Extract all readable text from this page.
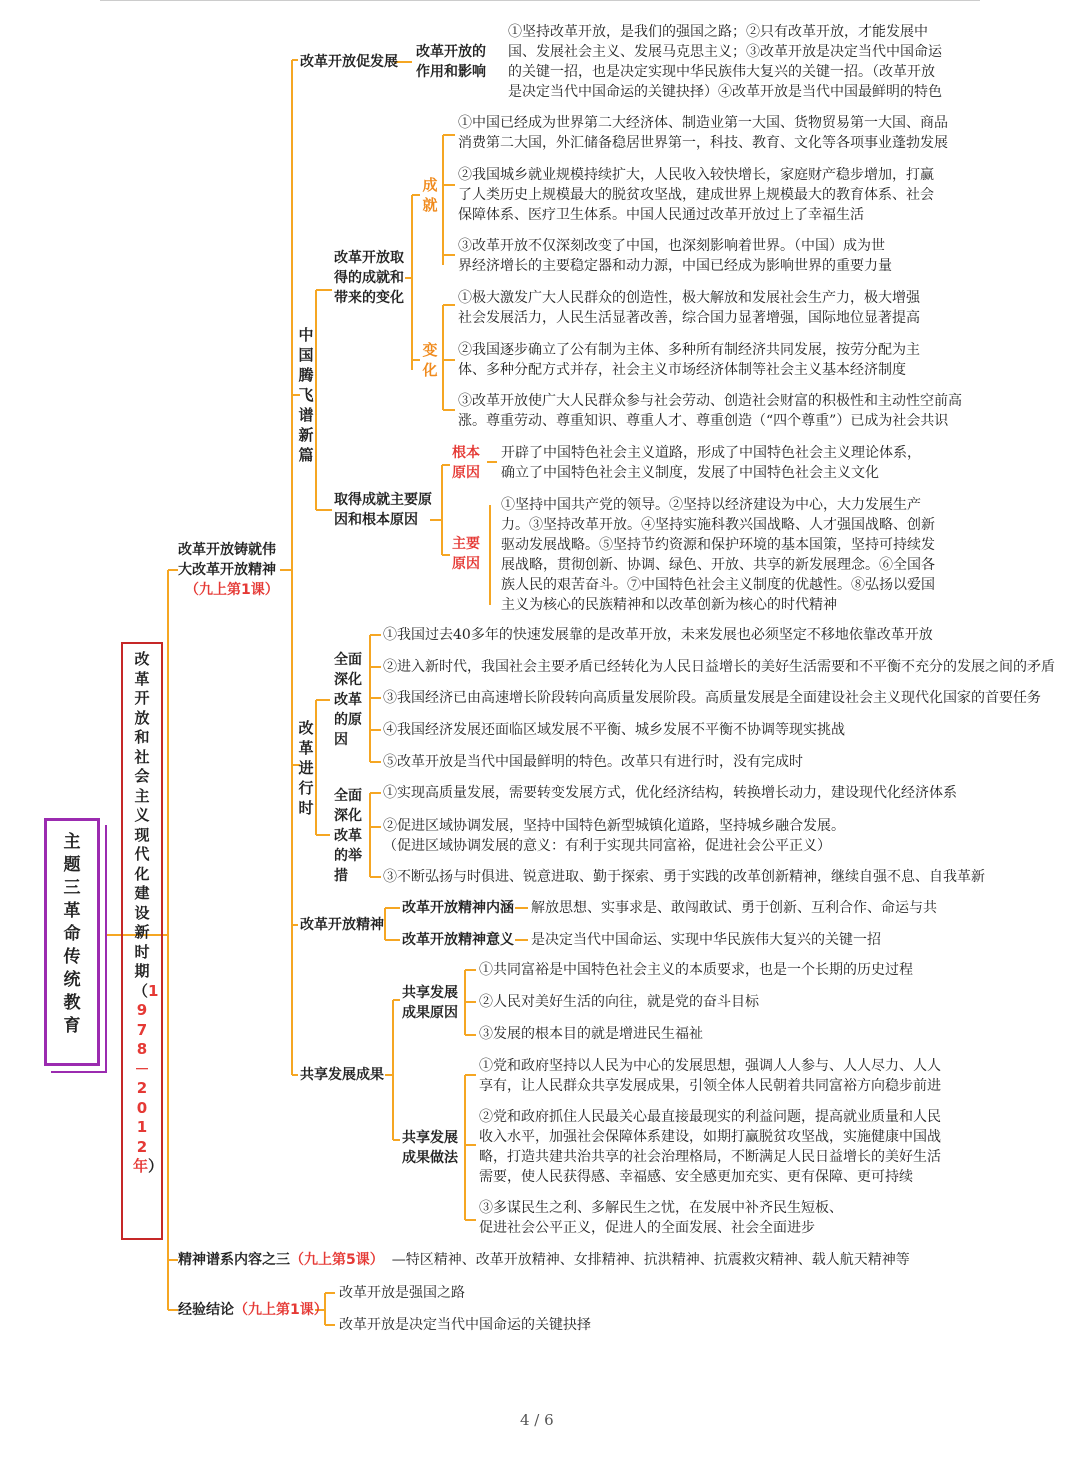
主题三革命传统教育
改革开放和社会主义现代化建设新时期（1978－2012年）
改革开放铸就伟
大改革开放精神
（九上第1课）
改革开放促发展
改革开放的
作用和影响
①坚持改革开放，是我们的强国之路；②只有改革开放，才能发展中
国、发展社会主义、发展马克思主义；③改革开放是决定当代中国命运
的关键一招，也是决定实现中华民族伟大复兴的关键一招。（改革开放
是决定当代中国命运的关键抉择）④改革开放是当代中国最鲜明的特色
中国腾飞谱新篇
改革开放取
得的成就和
带来的变化
成就
①中国已经成为世界第二大经济体、制造业第一大国、货物贸易第一大国、商品
消费第二大国，外汇储备稳居世界第一，科技、教育、文化等各项事业蓬勃发展
②我国城乡就业规模持续扩大，人民收入较快增长，家庭财产稳步增加，打赢
了人类历史上规模最大的脱贫攻坚战，建成世界上规模最大的教育体系、社会
保障体系、医疗卫生体系。中国人民通过改革开放过上了幸福生活
③改革开放不仅深刻改变了中国，也深刻影响着世界。（中国）成为世
界经济增长的主要稳定器和动力源，中国已经成为影响世界的重要力量
变化
①极大激发广大人民群众的创造性，极大解放和发展社会生产力，极大增强
社会发展活力，人民生活显著改善，综合国力显著增强，国际地位显著提高
②我国逐步确立了公有制为主体、多种所有制经济共同发展，按劳分配为主
体、多种分配方式并存，社会主义市场经济体制等社会主义基本经济制度
③改革开放使广大人民群众参与社会劳动、创造社会财富的积极性和主动性空前高
涨。尊重劳动、尊重知识、尊重人才、尊重创造（“四个尊重”）已成为社会共识
取得成就主要原
因和根本原因
根本
原因
开辟了中国特色社会主义道路，形成了中国特色社会主义理论体系，
确立了中国特色社会主义制度，发展了中国特色社会主义文化
主要
原因
①坚持中国共产党的领导。②坚持以经济建设为中心，大力发展生产
力。③坚持改革开放。④坚持实施科教兴国战略、人才强国战略、创新
驱动发展战略。⑤坚持节约资源和保护环境的基本国策，坚持可持续发
展战略，贯彻创新、协调、绿色、开放、共享的新发展理念。⑥全国各
族人民的艰苦奋斗。⑦中国特色社会主义制度的优越性。⑧弘扬以爱国
主义为核心的民族精神和以改革创新为核心的时代精神
改革进行时
全面深化改革的原因
①我国过去40多年的快速发展靠的是改革开放，未来发展也必须坚定不移地依靠改革开放
②进入新时代，我国社会主要矛盾已经转化为人民日益增长的美好生活需要和不平衡不充分的发展之间的矛盾
③我国经济已由高速增长阶段转向高质量发展阶段。高质量发展是全面建设社会主义现代化国家的首要任务
④我国经济发展还面临区域发展不平衡、城乡发展不平衡不协调等现实挑战
⑤改革开放是当代中国最鲜明的特色。改革只有进行时，没有完成时
全面深化改革的举措
①实现高质量发展，需要转变发展方式，优化经济结构，转换增长动力，建设现代化经济体系
②促进区域协调发展，坚持中国特色新型城镇化道路，坚持城乡融合发展。
（促进区域协调发展的意义：有利于实现共同富裕，促进社会公平正义）
③不断弘扬与时俱进、锐意进取、勤于探索、勇于实践的改革创新精神，继续自强不息、自我革新
改革开放精神
改革开放精神内涵 解放思想、实事求是、敢闯敢试、勇于创新、互利合作、命运与共
改革开放精神意义 是决定当代中国命运、实现中华民族伟大复兴的关键一招
共享发展成果
共享发展
成果原因
①共同富裕是中国特色社会主义的本质要求，也是一个长期的历史过程
②人民对美好生活的向往，就是党的奋斗目标
③发展的根本目的就是增进民生福祉
共享发展
成果做法
①党和政府坚持以人民为中心的发展思想，强调人人参与、人人尽力、人人
享有，让人民群众共享发展成果，引领全体人民朝着共同富裕方向稳步前进
②党和政府抓住人民最关心最直接最现实的利益问题，提高就业质量和人民
收入水平，加强社会保障体系建设，如期打赢脱贫攻坚战，实施健康中国战
略，打造共建共治共享的社会治理格局，不断满足人民日益增长的美好生活
需要，使人民获得感、幸福感、安全感更加充实、更有保障、更可持续
③多谋民生之利、多解民生之忧，在发展中补齐民生短板、
促进社会公平正义，促进人的全面发展、社会全面进步
精神谱系内容之三（九上第5课） —特区精神、改革开放精神、女排精神、抗洪精神、抗震救灾精神、载人航天精神等
经验结论（九上第1课）
改革开放是强国之路
改革开放是决定当代中国命运的关键抉择
4 / 6
